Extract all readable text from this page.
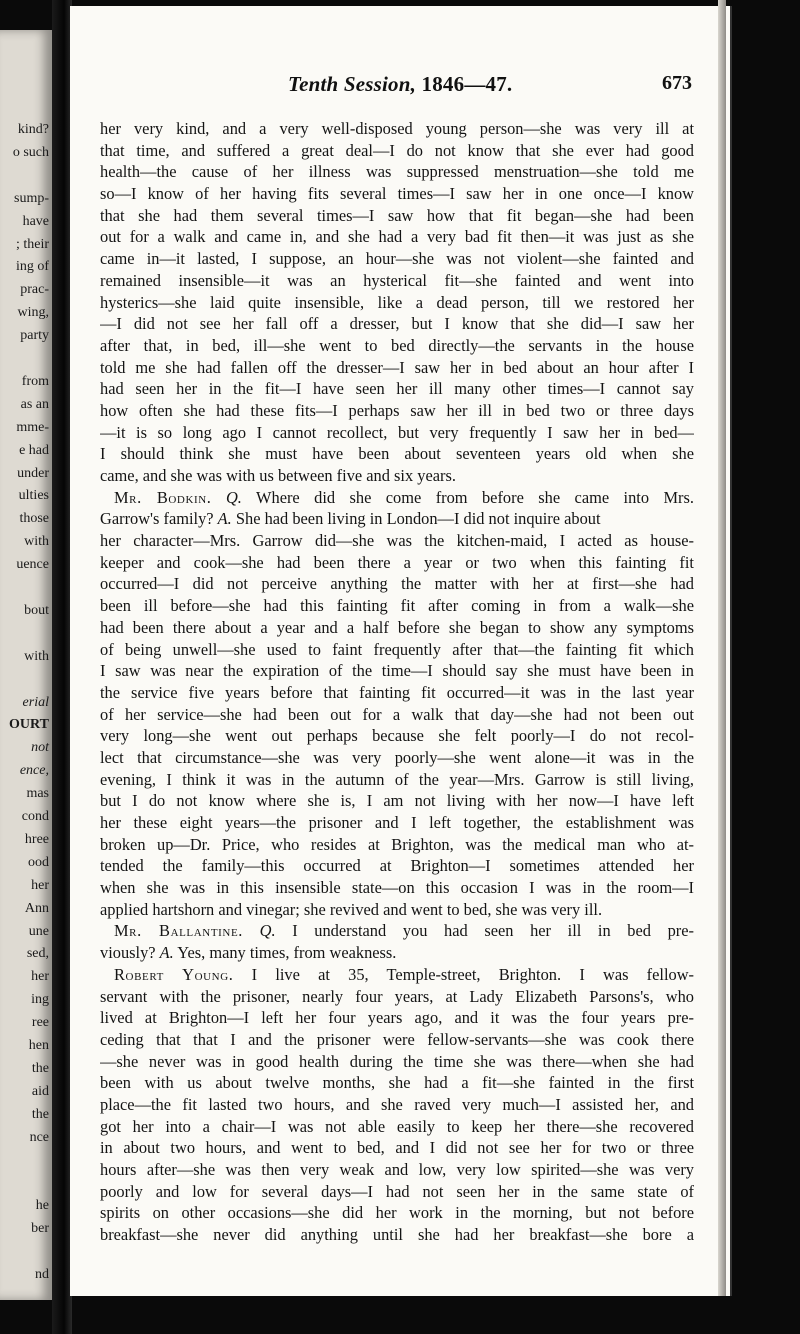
kind?
o such
sump-
have
; their
ing of
prac-
wing,
party
from
as an
mme-
e had
under
ulties
those
with
uence
bout
with
erial
OURT
not
ence,
mas
cond
hree
ood
her
Ann
une
sed,
her
ing
ree
hen
the
aid
the
nce
he
ber
nd
Tenth Session, 1846—47.	673
her very kind, and a very well-disposed young person—she was very ill at
that time, and suffered a great deal—I do not know that she ever had good
health—the cause of her illness was suppressed menstruation—she told me
so—I know of her having fits several times—I saw her in one once—I know
that she had them several times—I saw how that fit began—she had been
out for a walk and came in, and she had a very bad fit then—it was just as she
came in—it lasted, I suppose, an hour—she was not violent—she fainted and
remained insensible—it was an hysterical fit—she fainted and went into
hysterics—she laid quite insensible, like a dead person, till we restored her
—I did not see her fall off a dresser, but I know that she did—I saw her
after that, in bed, ill—she went to bed directly—the servants in the house
told me she had fallen off the dresser—I saw her in bed about an hour after I
had seen her in the fit—I have seen her ill many other times—I cannot say
how often she had these fits—I perhaps saw her ill in bed two or three days
—it is so long ago I cannot recollect, but very frequently I saw her in bed—
I should think she must have been about seventeen years old when she
came, and she was with us between five and six years.
Mr. Bodkin. Q. Where did she come from before she came into Mrs.
Garrow's family? A. She had been living in London—I did not inquire about
her character—Mrs. Garrow did—she was the kitchen-maid, I acted as house-
keeper and cook—she had been there a year or two when this fainting fit
occurred—I did not perceive anything the matter with her at first—she had
been ill before—she had this fainting fit after coming in from a walk—she
had been there about a year and a half before she began to show any symptoms
of being unwell—she used to faint frequently after that—the fainting fit which
I saw was near the expiration of the time—I should say she must have been in
the service five years before that fainting fit occurred—it was in the last year
of her service—she had been out for a walk that day—she had not been out
very long—she went out perhaps because she felt poorly—I do not recol-
lect that circumstance—she was very poorly—she went alone—it was in the
evening, I think it was in the autumn of the year—Mrs. Garrow is still living,
but I do not know where she is, I am not living with her now—I have left
her these eight years—the prisoner and I left together, the establishment was
broken up—Dr. Price, who resides at Brighton, was the medical man who at-
tended the family—this occurred at Brighton—I sometimes attended her
when she was in this insensible state—on this occasion I was in the room—I
applied hartshorn and vinegar; she revived and went to bed, she was very ill.
Mr. Ballantine. Q. I understand you had seen her ill in bed pre-
viously? A. Yes, many times, from weakness.
Robert Young. I live at 35, Temple-street, Brighton. I was fellow-
servant with the prisoner, nearly four years, at Lady Elizabeth Parsons's, who
lived at Brighton—I left her four years ago, and it was the four years pre-
ceding that that I and the prisoner were fellow-servants—she was cook there
—she never was in good health during the time she was there—when she had
been with us about twelve months, she had a fit—she fainted in the first
place—the fit lasted two hours, and she raved very much—I assisted her, and
got her into a chair—I was not able easily to keep her there—she recovered
in about two hours, and went to bed, and I did not see her for two or three
hours after—she was then very weak and low, very low spirited—she was very
poorly and low for several days—I had not seen her in the same state of
spirits on other occasions—she did her work in the morning, but not before
breakfast—she never did anything until she had her breakfast—she bore a
